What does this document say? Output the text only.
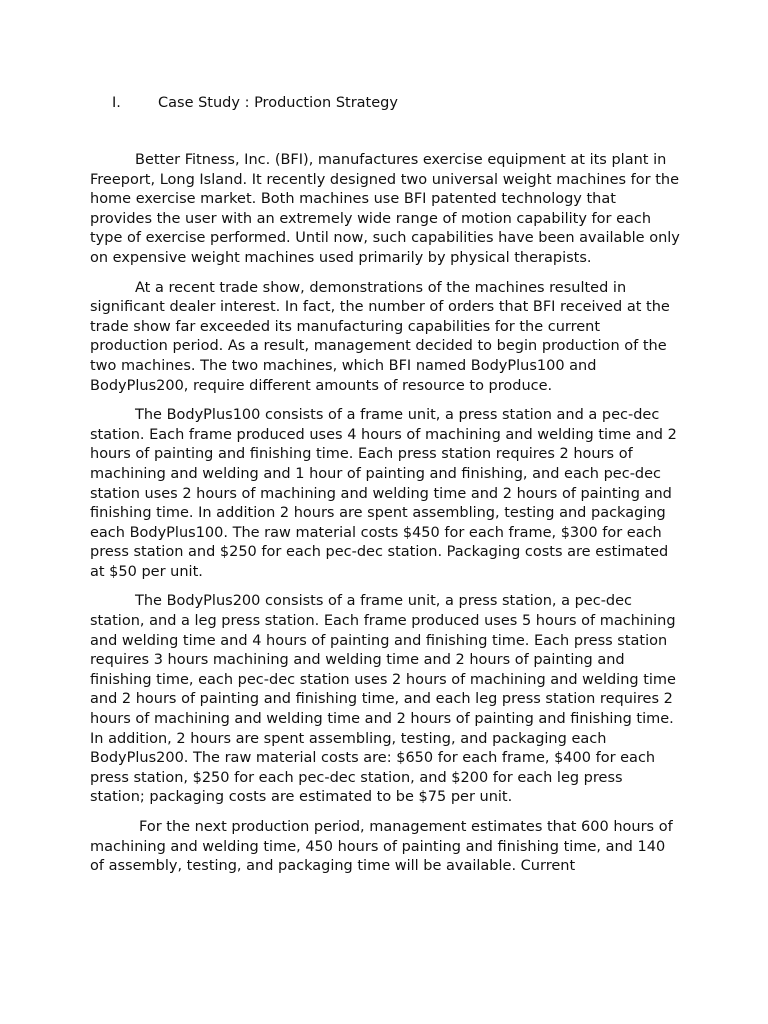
I.	Case Study : Production Strategy

Better Fitness, Inc. (BFI), manufactures exercise equipment at its plant in Freeport, Long Island. It recently designed two universal weight machines for the home exercise market. Both machines use BFI patented technology that provides the user with an extremely wide range of motion capability for each type of exercise performed. Until now, such capabilities have been available only on expensive weight machines used primarily by physical therapists.

At a recent trade show, demonstrations of the machines resulted in significant dealer interest. In fact, the number of orders that BFI received at the trade show far exceeded its manufacturing capabilities for the current production period. As a result, management decided to begin production of the two machines. The two machines, which BFI named BodyPlus100 and BodyPlus200, require different amounts of resource to produce.

The BodyPlus100 consists of a frame unit, a press station and a pec-dec station. Each frame produced uses 4 hours of machining and welding time and 2 hours of painting and finishing time. Each press station requires 2 hours of machining and welding and 1 hour of painting and finishing, and each pec-dec station uses 2 hours of machining and welding time and 2 hours of painting and finishing time. In addition 2 hours are spent assembling, testing and packaging each BodyPlus100. The raw material costs $450 for each frame, $300 for each press station and $250 for each pec-dec station. Packaging costs are estimated at $50 per unit.

The BodyPlus200 consists of a frame unit, a press station, a pec-dec station, and a leg press station. Each frame produced uses 5 hours of machining and welding time and 4 hours of painting and finishing time. Each press station requires 3 hours machining and welding time and 2 hours of painting and finishing time, each pec-dec station uses 2 hours of machining and welding time and 2 hours of painting and finishing time, and each leg press station requires 2 hours of machining and welding time and 2 hours of painting and finishing time. In addition, 2 hours are spent assembling, testing, and packaging each BodyPlus200. The raw material costs are: $650 for each frame, $400 for each press station, $250 for each pec-dec station, and $200 for each leg press station; packaging costs are estimated to be $75 per unit.

For the next production period, management estimates that 600 hours of machining and welding time, 450 hours of painting and finishing time, and 140 of assembly, testing, and packaging time will be available. Current
